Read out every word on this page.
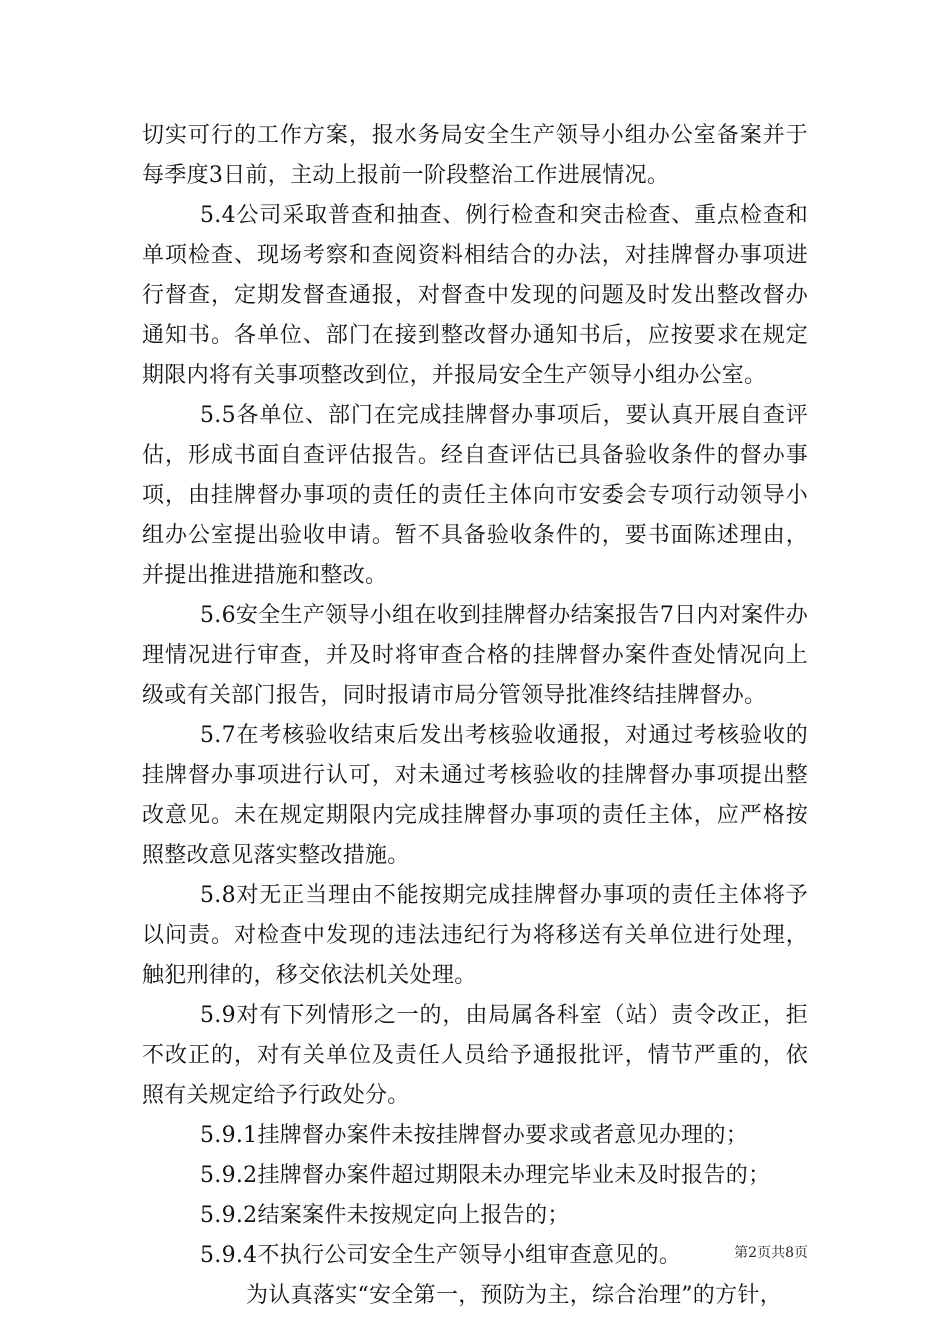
切实可行的工作方案，报水务局安全生产领导小组办公室备案并于每季度3日前，主动上报前一阶段整治工作进展情况。

5.4公司采取普查和抽查、例行检查和突击检查、重点检查和单项检查、现场考察和查阅资料相结合的办法，对挂牌督办事项进行督查，定期发督查通报，对督查中发现的问题及时发出整改督办通知书。各单位、部门在接到整改督办通知书后，应按要求在规定期限内将有关事项整改到位，并报局安全生产领导小组办公室。

5.5各单位、部门在完成挂牌督办事项后，要认真开展自查评估，形成书面自查评估报告。经自查评估已具备验收条件的督办事项，由挂牌督办事项的责任的责任主体向市安委会专项行动领导小组办公室提出验收申请。暂不具备验收条件的，要书面陈述理由，并提出推进措施和整改。

5.6安全生产领导小组在收到挂牌督办结案报告7日内对案件办理情况进行审查，并及时将审查合格的挂牌督办案件查处情况向上级或有关部门报告，同时报请市局分管领导批准终结挂牌督办。

5.7在考核验收结束后发出考核验收通报，对通过考核验收的挂牌督办事项进行认可，对未通过考核验收的挂牌督办事项提出整改意见。未在规定期限内完成挂牌督办事项的责任主体，应严格按照整改意见落实整改措施。

5.8对无正当理由不能按期完成挂牌督办事项的责任主体将予以问责。对检查中发现的违法违纪行为将移送有关单位进行处理，触犯刑律的，移交依法机关处理。

5.9对有下列情形之一的，由局属各科室（站）责令改正，拒不改正的，对有关单位及责任人员给予通报批评，情节严重的，依照有关规定给予行政处分。

5.9.1挂牌督办案件未按挂牌督办要求或者意见办理的；

5.9.2挂牌督办案件超过期限未办理完毕业未及时报告的；

5.9.2结案案件未按规定向上报告的；

5.9.4不执行公司安全生产领导小组审查意见的。

为认真落实“安全第一，预防为主，综合治理”的方针，

第2页共8页
